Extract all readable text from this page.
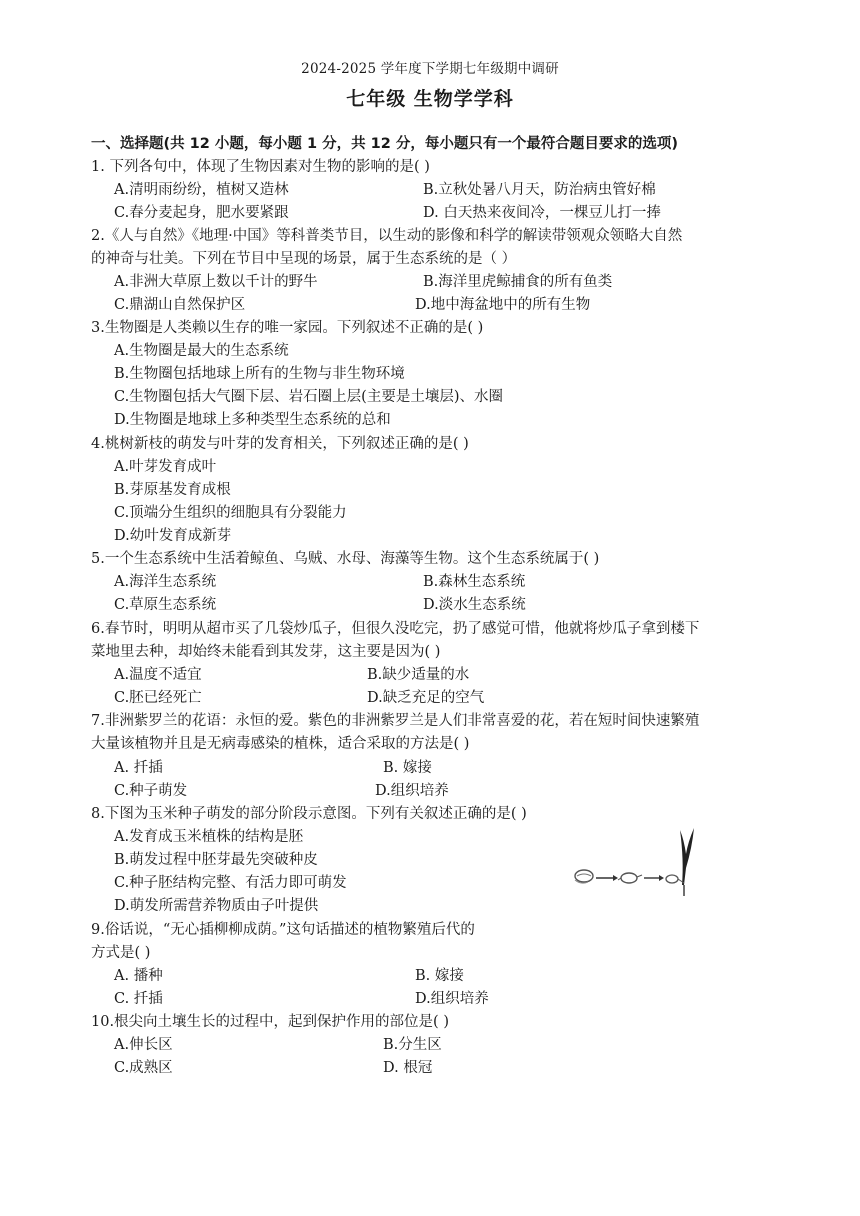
2024-2025 学年度下学期七年级期中调研
七年级 生物学学科
一、选择题(共 12 小题，每小题 1 分，共 12 分，每小题只有一个最符合题目要求的选项)
1. 下列各句中，体现了生物因素对生物的影响的是( )
A.清明雨纷纷，植树又造林	B.立秋处暑八月天，防治病虫管好棉
C.春分麦起身，肥水要紧跟	D. 白天热来夜间冷，一棵豆儿打一捧
2.《人与自然》《地理·中国》等科普类节目，以生动的影像和科学的解读带领观众领略大自然
的神奇与壮美。下列在节目中呈现的场景，属于生态系统的是（ ）
A.非洲大草原上数以千计的野牛	B.海洋里虎鲸捕食的所有鱼类
C.鼎湖山自然保护区	D.地中海盆地中的所有生物
3.生物圈是人类赖以生存的唯一家园。下列叙述不正确的是( )
A.生物圈是最大的生态系统
B.生物圈包括地球上所有的生物与非生物环境
C.生物圈包括大气圈下层、岩石圈上层(主要是土壤层)、水圈
D.生物圈是地球上多种类型生态系统的总和
4.桃树新枝的萌发与叶芽的发育相关，下列叙述正确的是( )
A.叶芽发育成叶
B.芽原基发育成根
C.顶端分生组织的细胞具有分裂能力
D.幼叶发育成新芽
5.一个生态系统中生活着鲸鱼、乌贼、水母、海藻等生物。这个生态系统属于( )
A.海洋生态系统	B.森林生态系统
C.草原生态系统	D.淡水生态系统
6.春节时，明明从超市买了几袋炒瓜子，但很久没吃完，扔了感觉可惜，他就将炒瓜子拿到楼下
菜地里去种，却始终未能看到其发芽，这主要是因为( )
A.温度不适宜	B.缺少适量的水
C.胚已经死亡	D.缺乏充足的空气
7.非洲紫罗兰的花语：永恒的爱。紫色的非洲紫罗兰是人们非常喜爱的花，若在短时间快速繁殖
大量该植物并且是无病毒感染的植株，适合采取的方法是( )
A. 扦插	B. 嫁接
C.种子萌发	D.组织培养
8.下图为玉米种子萌发的部分阶段示意图。下列有关叙述正确的是( )
A.发育成玉米植株的结构是胚
B.萌发过程中胚芽最先突破种皮
C.种子胚结构完整、有活力即可萌发
D.萌发所需营养物质由子叶提供
9.俗话说，“无心插柳柳成荫。”这句话描述的植物繁殖后代的
方式是( )
A. 播种	B. 嫁接
C. 扦插	D.组织培养
10.根尖向土壤生长的过程中，起到保护作用的部位是( )
A.伸长区	B.分生区
C.成熟区	D. 根冠
